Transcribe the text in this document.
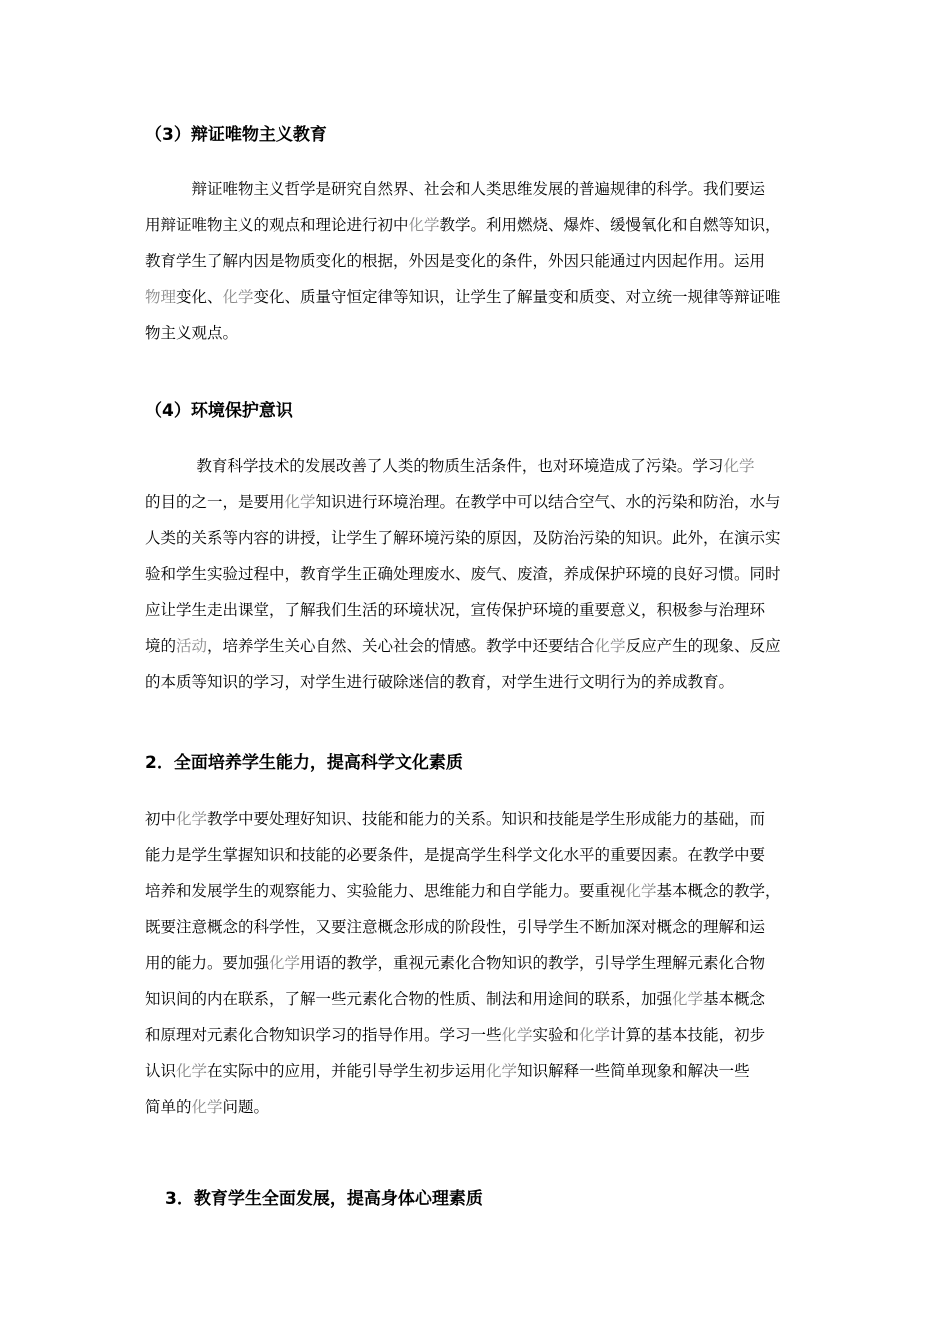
（3）辩证唯物主义教育
　　　辩证唯物主义哲学是研究自然界、社会和人类思维发展的普遍规律的科学。我们要运
用辩证唯物主义的观点和理论进行初中化学教学。利用燃烧、爆炸、缓慢氧化和自燃等知识，
教育学生了解内因是物质变化的根据，外因是变化的条件，外因只能通过内因起作用。运用
物理变化、化学变化、质量守恒定律等知识，让学生了解量变和质变、对立统一规律等辩证唯
物主义观点。
（4）环境保护意识
　　　 教育科学技术的发展改善了人类的物质生活条件，也对环境造成了污染。学习化学
的目的之一，是要用化学知识进行环境治理。在教学中可以结合空气、水的污染和防治，水与
人类的关系等内容的讲授，让学生了解环境污染的原因，及防治污染的知识。此外，在演示实
验和学生实验过程中，教育学生正确处理废水、废气、废渣，养成保护环境的良好习惯。同时
应让学生走出课堂，了解我们生活的环境状况，宣传保护环境的重要意义，积极参与治理环
境的活动，培养学生关心自然、关心社会的情感。教学中还要结合化学反应产生的现象、反应
的本质等知识的学习，对学生进行破除迷信的教育，对学生进行文明行为的养成教育。
2．全面培养学生能力，提高科学文化素质
初中化学教学中要处理好知识、技能和能力的关系。知识和技能是学生形成能力的基础，而
能力是学生掌握知识和技能的必要条件，是提高学生科学文化水平的重要因素。在教学中要
培养和发展学生的观察能力、实验能力、思维能力和自学能力。要重视化学基本概念的教学，
既要注意概念的科学性，又要注意概念形成的阶段性，引导学生不断加深对概念的理解和运
用的能力。要加强化学用语的教学，重视元素化合物知识的教学，引导学生理解元素化合物
知识间的内在联系，了解一些元素化合物的性质、制法和用途间的联系，加强化学基本概念
和原理对元素化合物知识学习的指导作用。学习一些化学实验和化学计算的基本技能，初步
认识化学在实际中的应用，并能引导学生初步运用化学知识解释一些简单现象和解决一些
简单的化学问题。
3．教育学生全面发展，提高身体心理素质
